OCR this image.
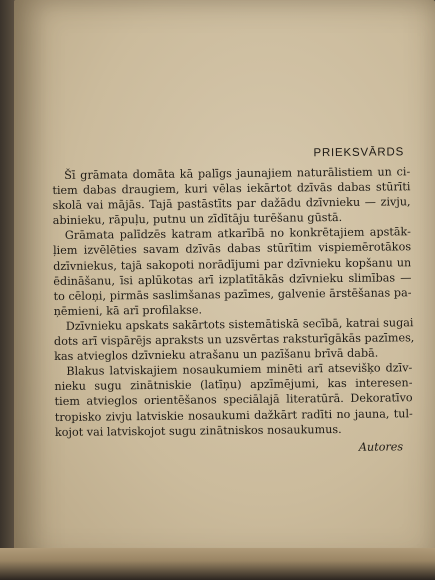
PRIEKSVĀRDS

Šī grāmata domāta kā palīgs jaunajiem naturālistiem un ci-

tiem dabas draugiem, kuri vēlas iekārtot dzīvās dabas stūrīti

skolā vai mājās. Tajā pastāstīts par dažādu dzīvnieku — zivju,

abinieku, rāpuļu, putnu un zīdītāju turēšanu gūstā.

Grāmata palīdzēs katram atkarībā no konkrētajiem apstāk-

ļiem izvēlēties savam dzīvās dabas stūrītim vispiemērotākos

dzīvniekus, tajā sakopoti norādījumi par dzīvnieku kopšanu un

ēdināšanu, īsi aplūkotas arī izplatītākās dzīvnieku slimības —

to cēloņi, pirmās saslimšanas pazīmes, galvenie ārstēšanas pa-

ņēmieni, kā arī profilakse.

Dzīvnieku apskats sakārtots sistemātiskā secībā, katrai sugai

dots arī vispārējs apraksts un uzsvērtas raksturīgākās pazīmes,

kas atvieglos dzīvnieku atrašanu un pazīšanu brīvā dabā.

Blakus latviskajiem nosaukumiem minēti arī atsevišķo dzīv-

nieku sugu zinātniskie (latīņu) apzīmējumi, kas interesen-

tiem atvieglos orientēšanos speciālajā literatūrā. Dekoratīvo

tropisko zivju latviskie nosaukumi dažkārt radīti no jauna, tul-

kojot vai latviskojot sugu zinātniskos nosaukumus.

Autores
